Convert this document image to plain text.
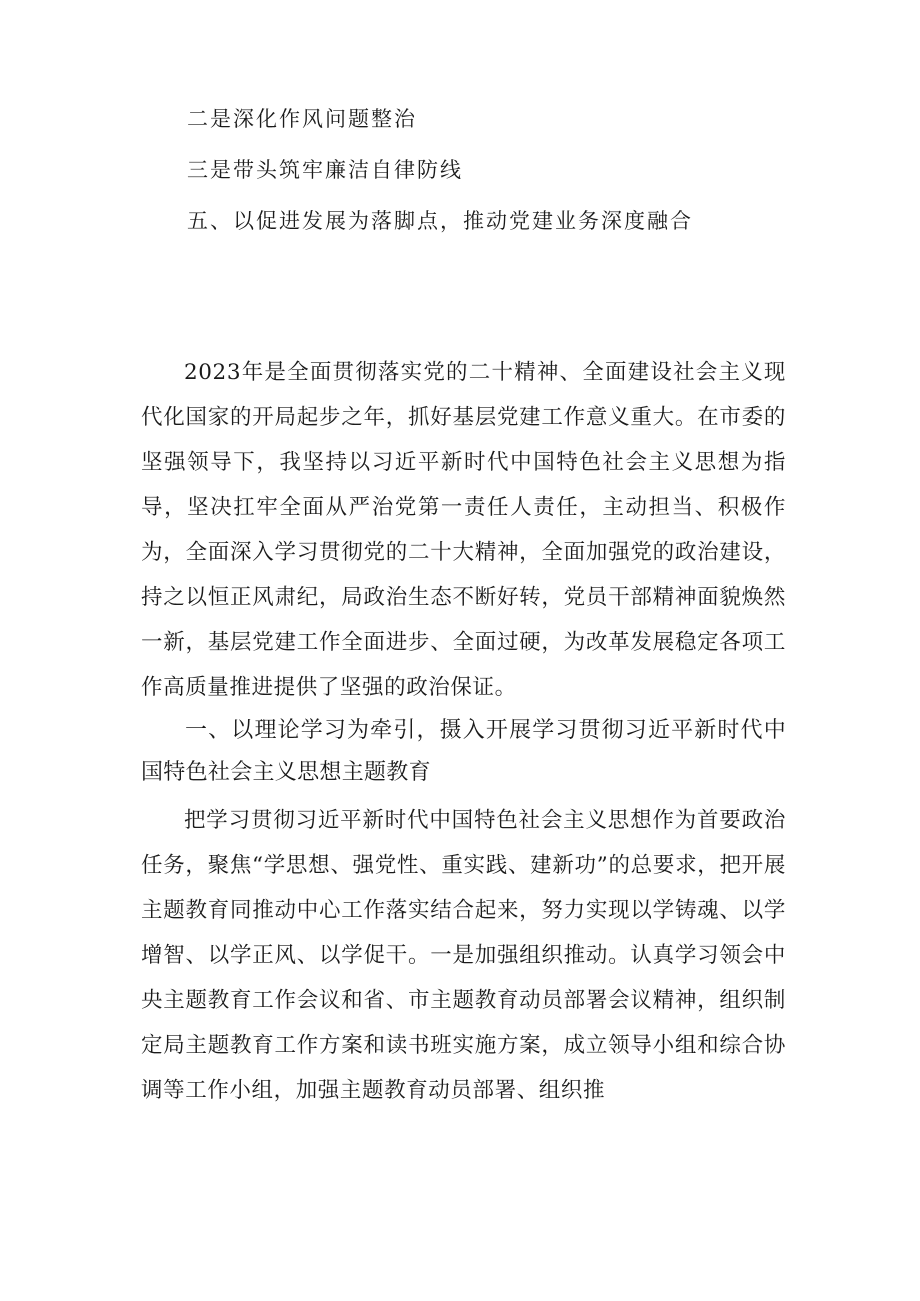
二是深化作风问题整治
三是带头筑牢廉洁自律防线
五、以促进发展为落脚点，推动党建业务深度融合

2023年是全面贯彻落实党的二十精神、全面建设社会主义现代化国家的开局起步之年，抓好基层党建工作意义重大。在市委的坚强领导下，我坚持以习近平新时代中国特色社会主义思想为指导，坚决扛牢全面从严治党第一责任人责任，主动担当、积极作为，全面深入学习贯彻党的二十大精神，全面加强党的政治建设，持之以恒正风肃纪，局政治生态不断好转，党员干部精神面貌焕然一新，基层党建工作全面进步、全面过硬，为改革发展稳定各项工作高质量推进提供了坚强的政治保证。

一、以理论学习为牵引，摄入开展学习贯彻习近平新时代中国特色社会主义思想主题教育

把学习贯彻习近平新时代中国特色社会主义思想作为首要政治任务，聚焦“学思想、强党性、重实践、建新功”的总要求，把开展主题教育同推动中心工作落实结合起来，努力实现以学铸魂、以学增智、以学正风、以学促干。一是加强组织推动。认真学习领会中央主题教育工作会议和省、市主题教育动员部署会议精神，组织制定局主题教育工作方案和读书班实施方案，成立领导小组和综合协调等工作小组，加强主题教育动员部署、组织推
